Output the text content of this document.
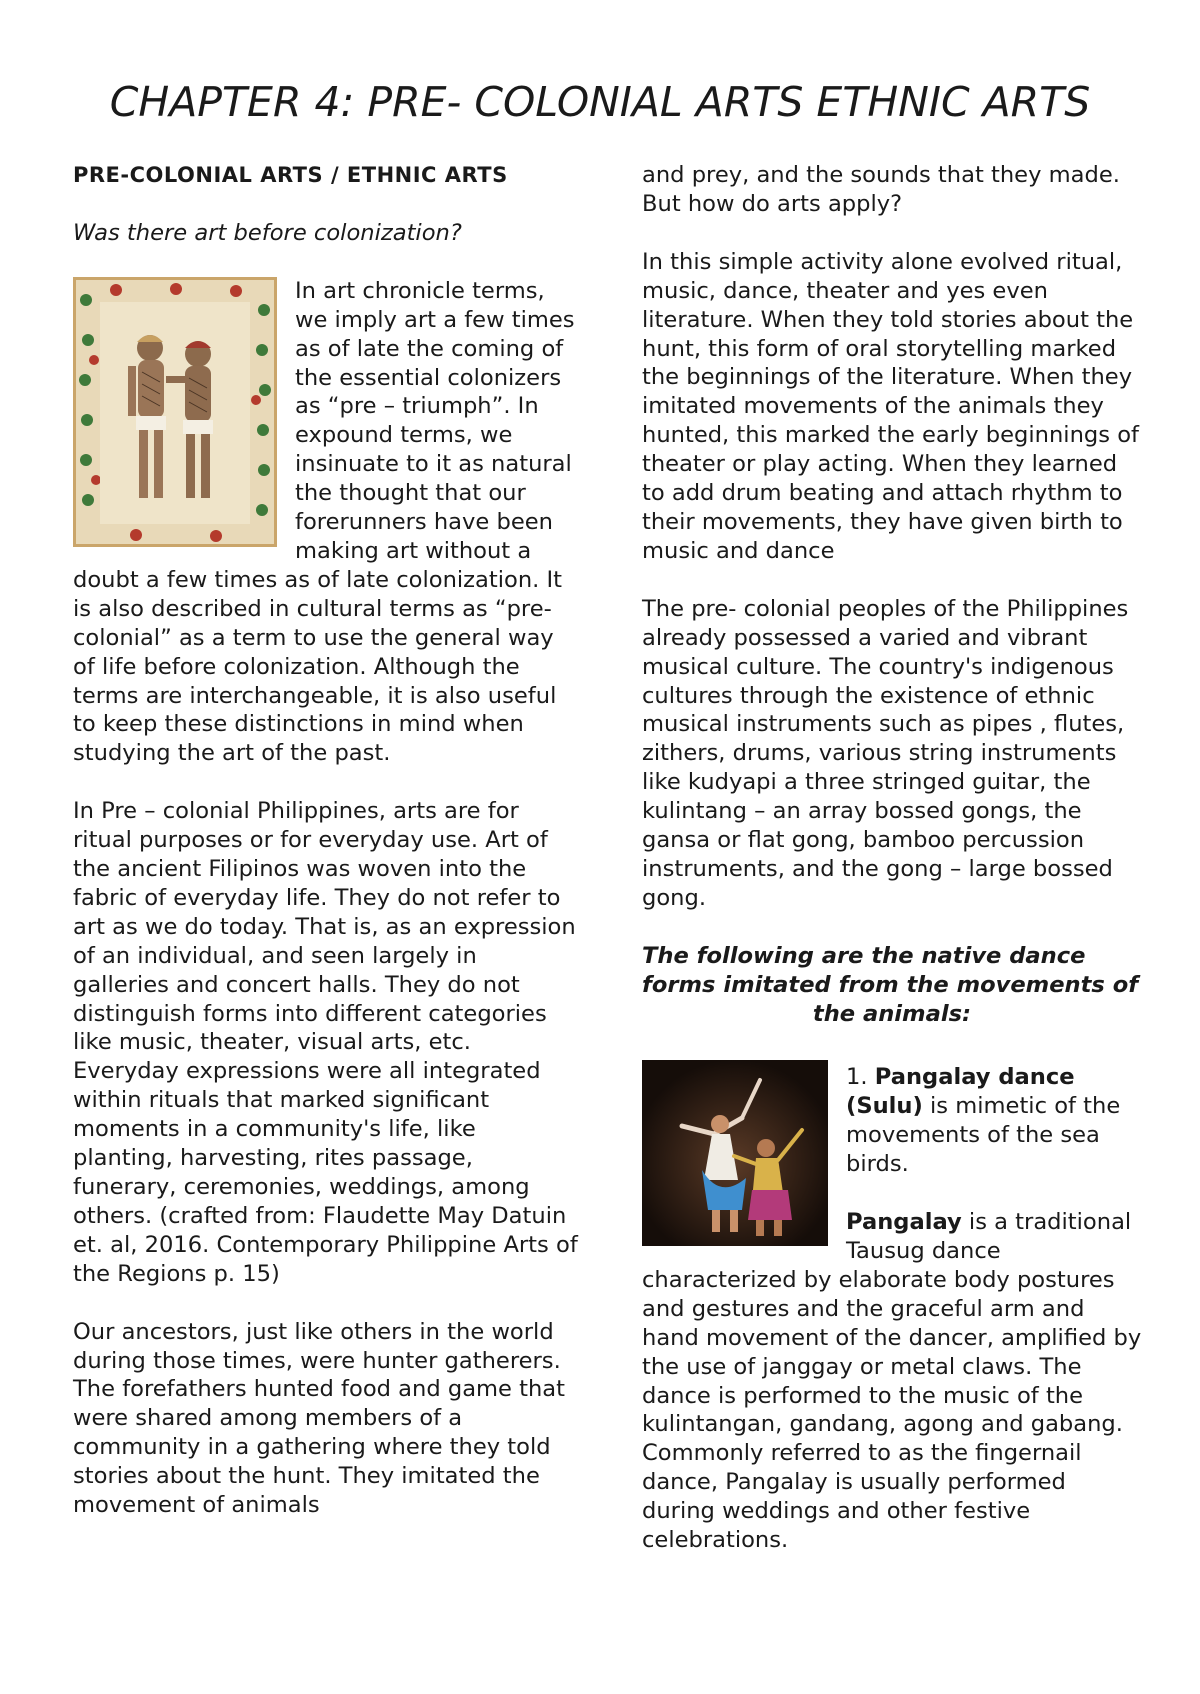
CHAPTER 4: PRE- COLONIAL ARTS ETHNIC ARTS

PRE-COLONIAL ARTS / ETHNIC ARTS

Was there art before colonization?

In art chronicle terms, we imply art a few times as of late the coming of the essential colonizers as “pre – triumph”. In expound terms, we insinuate to it as natural the thought that our forerunners have been making art without a doubt a few times as of late colonization. It is also described in cultural terms as “pre-colonial” as a term to use the general way of life before colonization. Although the terms are interchangeable, it is also useful to keep these distinctions in mind when studying the art of the past.

In Pre – colonial Philippines, arts are for ritual purposes or for everyday use. Art of the ancient Filipinos was woven into the fabric of everyday life. They do not refer to art as we do today. That is, as an expression of an individual, and seen largely in galleries and concert halls. They do not distinguish forms into different categories like music, theater, visual arts, etc. Everyday expressions were all integrated within rituals that marked significant moments in a community's life, like planting, harvesting, rites passage, funerary, ceremonies, weddings, among others. (crafted from: Flaudette May Datuin et. al, 2016. Contemporary Philippine Arts of the Regions p. 15)

Our ancestors, just like others in the world during those times, were hunter gatherers. The forefathers hunted food and game that were shared among members of a community in a gathering where they told stories about the hunt. They imitated the movement of animals

and prey, and the sounds that they made. But how do arts apply?

In this simple activity alone evolved ritual, music, dance, theater and yes even literature. When they told stories about the hunt, this form of oral storytelling marked the beginnings of the literature. When they imitated movements of the animals they hunted, this marked the early beginnings of theater or play acting. When they learned to add drum beating and attach rhythm to their movements, they have given birth to music and dance

The pre- colonial peoples of the Philippines already possessed a varied and vibrant musical culture. The country's indigenous cultures through the existence of ethnic musical instruments such as pipes , flutes, zithers, drums, various string instruments like kudyapi a three stringed guitar, the kulintang – an array bossed gongs, the gansa or flat gong, bamboo percussion instruments, and the gong – large bossed gong.

The following are the native dance forms imitated from the movements of

the animals:

1. Pangalay dance (Sulu) is mimetic of the movements of the sea birds.

Pangalay is a traditional Tausug dance characterized by elaborate body postures and gestures and the graceful arm and hand movement of the dancer, amplified by the use of janggay or metal claws. The dance is performed to the music of the kulintangan, gandang, agong and gabang. Commonly referred to as the fingernail dance, Pangalay is usually performed during weddings and other festive celebrations.
